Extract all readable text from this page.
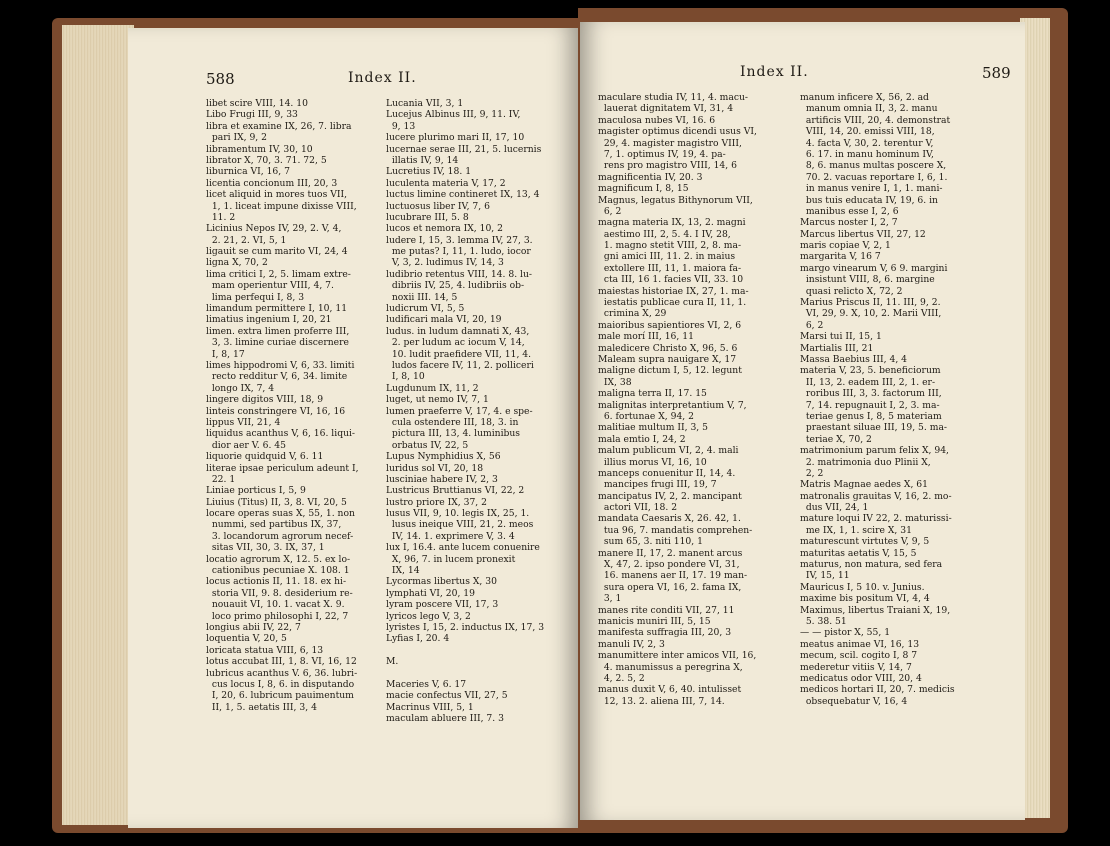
588	Index II.
libet scire VIII, 14. 10
Libo Frugi III, 9, 33
libra et examine IX, 26, 7. libra
pari IX, 9, 2
libramentum IV, 30, 10
librator X, 70, 3. 71. 72, 5
liburnica VI, 16, 7
licentia concionum III, 20, 3
licet aliquid in mores tuos VII,
1, 1. liceat impune dixisse VIII,
11. 2
Licinius Nepos IV, 29, 2. V, 4,
2. 21, 2. VI, 5, 1
ligauit se cum marito VI, 24, 4
ligna X, 70, 2
lima critici I, 2, 5. limam extre-
mam operientur VIII, 4, 7.
lima perfequi I, 8, 3
limandum permittere I, 10, 11
limatius ingenium I, 20, 21
limen. extra limen proferre III,
3, 3. limine curiae discernere
I, 8, 17
limes hippodromi V, 6, 33. limiti
recto redditur V, 6, 34. limite
longo IX, 7, 4
lingere digitos VIII, 18, 9
linteis constringere VI, 16, 16
lippus VII, 21, 4
liquidus acanthus V, 6, 16. liqui-
dior aer V. 6. 45
liquorie quidquid V, 6. 11
literae ipsae periculum adeunt I,
22. 1
Liniae porticus I, 5, 9
Liuius (Titus) II, 3, 8. VI, 20, 5
locare operas suas X, 55, 1. non
nummi, sed partibus IX, 37,
3. locandorum agrorum necef-
sitas VII, 30, 3. IX, 37, 1
locatio agrorum X, 12. 5. ex lo-
cationibus pecuniae X. 108. 1
locus actionis II, 11. 18. ex hi-
storia VII, 9. 8. desiderium re-
nouauit VI, 10. 1. vacat X. 9.
loco primo philosophi I, 22, 7
longius abii IV, 22, 7
loquentia V, 20, 5
loricata statua VIII, 6, 13
lotus accubat III, 1, 8. VI, 16, 12
lubricus acanthus V. 6, 36. lubri-
cus locus I, 8, 6. in disputando
I, 20, 6. lubricum pauimentum
II, 1, 5. aetatis III, 3, 4
Lucania VII, 3, 1
Lucejus Albinus III, 9, 11. IV,
9, 13
lucere plurimo mari II, 17, 10
lucernae serae III, 21, 5. lucernis
illatis IV, 9, 14
Lucretius IV, 18. 1
luculenta materia V, 17, 2
luctus limine contineret IX, 13, 4
luctuosus liber IV, 7, 6
lucubrare III, 5. 8
lucos et nemora IX, 10, 2
ludere I, 15, 3. lemma IV, 27, 3.
me putas? I, 11, 1. ludo, iocor
V, 3, 2. ludimus IV, 14, 3
ludibrio retentus VIII, 14. 8. lu-
dibriis IV, 25, 4. ludibriis ob-
noxii III. 14, 5
ludicrum VI, 5, 5
ludificari mala VI, 20, 19
ludus. in ludum damnati X, 43,
2. per ludum ac iocum V, 14,
10. ludit praefidere VII, 11, 4.
ludos facere IV, 11, 2. polliceri
I, 8, 10
Lugdunum IX, 11, 2
luget, ut nemo IV, 7, 1
lumen praeferre V, 17, 4. e spe-
cula ostendere III, 18, 3. in
pictura III, 13, 4. luminibus
orbatus IV, 22, 5
Lupus Nymphidius X, 56
luridus sol VI, 20, 18
lusciniae habere IV, 2, 3
Lustricus Bruttianus VI, 22, 2
lustro priore IX, 37, 2
lusus VII, 9, 10. legis IX, 25, 1.
lusus ineique VIII, 21, 2. meos
IV, 14. 1. exprimere V, 3. 4
lux I, 16.4. ante lucem conuenire
X, 96, 7. in lucem pronexit
IX, 14
Lycormas libertus X, 30
lymphati VI, 20, 19
lyram poscere VII, 17, 3
lyricos lego V, 3, 2
lyristes I, 15, 2. inductus IX, 17, 3
Lyfias I, 20. 4
M.
Maceries V, 6. 17
macie confectus VII, 27, 5
Macrinus VIII, 5, 1
maculam abluere III, 7. 3
Index II.	589
maculare studia IV, 11, 4. macu-
lauerat dignitatem VI, 31, 4
maculosa nubes VI, 16. 6
magister optimus dicendi usus VI,
29, 4. magister magistro VIII,
7, 1. optimus IV, 19, 4. pa-
rens pro magistro VIII, 14, 6
magnificentia IV, 20. 3
magnificum I, 8, 15
Magnus, legatus Bithynorum VII,
6, 2
magna materia IX, 13, 2. magni
aestimo III, 2, 5. 4. I IV, 28,
1. magno stetit VIII, 2, 8. ma-
gni amici III, 11. 2. in maius
extollere III, 11, 1. maiora fa-
cta III, 16 1. facies VII, 33. 10
maiestas historiae IX, 27, 1. ma-
iestatis publicae cura II, 11, 1.
crimina X, 29
maioribus sapientiores VI, 2, 6
male morí III, 16, 11
maledicere Christo X, 96, 5. 6
Maleam supra nauigare X, 17
maligne dictum I, 5, 12. legunt
IX, 38
maligna terra II, 17. 15
malignitas interpretantium V, 7,
6. fortunae X, 94, 2
malitiae multum II, 3, 5
mala emtio I, 24, 2
malum publicum VI, 2, 4. mali
illius morus VI, 16, 10
manceps conuenitur II, 14, 4.
mancipes frugi III, 19, 7
mancipatus IV, 2, 2. mancipant
actori VII, 18. 2
mandata Caesaris X, 26. 42, 1.
tua 96, 7. mandatis comprehen-
sum 65, 3. niti 110, 1
manere II, 17, 2. manent arcus
X, 47, 2. ipso pondere VI, 31,
16. manens aer II, 17. 19 man-
sura opera VI, 16, 2. fama IX,
3, 1
manes rite conditi VII, 27, 11
manicis muniri III, 5, 15
manifesta suffragia III, 20, 3
manuli IV, 2, 3
manumittere inter amicos VII, 16,
4. manumissus a peregrina X,
4, 2. 5, 2
manus duxit V, 6, 40. intulisset
12, 13. 2. aliena III, 7, 14.
manum inficere X, 56, 2. ad
manum omnia II, 3, 2. manu
artificis VIII, 20, 4. demonstrat
VIII, 14, 20. emissi VIII, 18,
4. facta V, 30, 2. terentur V,
6. 17. in manu hominum IV,
8, 6. manus multas poscere X,
70. 2. vacuas reportare I, 6, 1.
in manus venire I, 1, 1. mani-
bus tuis educata IV, 19, 6. in
manibus esse I, 2, 6
Marcus noster I, 2, 7
Marcus libertus VII, 27, 12
maris copiae V, 2, 1
margarita V, 16 7
margo vinearum V, 6 9. margini
insistunt VIII, 8, 6. margine
quasi relicto X, 72, 2
Marius Priscus II, 11. III, 9, 2.
VI, 29, 9. X, 10, 2. Marii VIII,
6, 2
Marsi tui II, 15, 1
Martialis III, 21
Massa Baebius III, 4, 4
materia V, 23, 5. beneficiorum
II, 13, 2. eadem III, 2, 1. er-
roribus III, 3, 3. factorum III,
7, 14. repugnauit I, 2, 3. ma-
teriae genus I, 8, 5 materiam
praestant siluae III, 19, 5. ma-
teriae X, 70, 2
matrimonium parum felix X, 94,
2. matrimonia duo Plinii X,
2, 2
Matris Magnae aedes X, 61
matronalis grauitas V, 16, 2. mo-
dus VII, 24, 1
mature loqui IV 22, 2. maturissi-
me IX, 1, 1. scire X, 31
maturescunt virtutes V, 9, 5
maturitas aetatis V, 15, 5
maturus, non matura, sed fera
IV, 15, 11
Mauricus I, 5 10. v. Junius.
maxime bis positum VI, 4, 4
Maximus, libertus Traiani X, 19,
5. 38. 51
— — pistor X, 55, 1
meatus animae VI, 16, 13
mecum, scil. cogito I, 8 7
mederetur vitiis V, 14, 7
medicatus odor VIII, 20, 4
medicos hortari II, 20, 7. medicis
obsequebatur V, 16, 4
